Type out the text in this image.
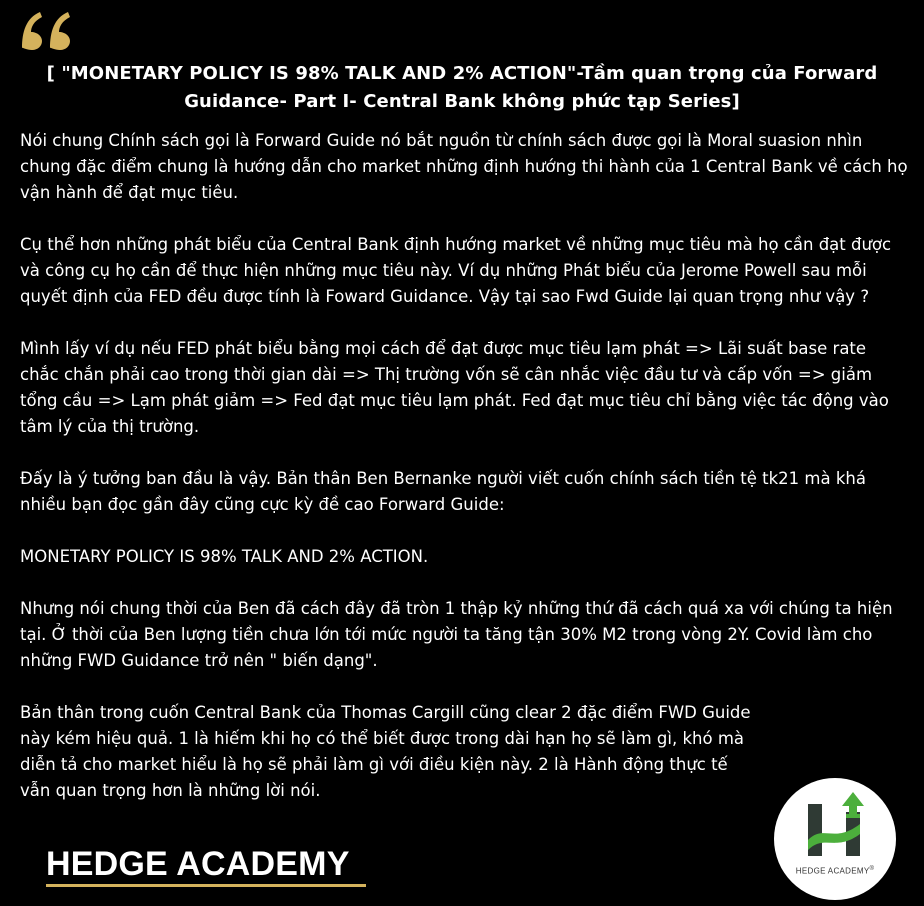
[ "MONETARY POLICY IS 98% TALK AND 2% ACTION"-Tầm quan trọng của Forward Guidance- Part I- Central Bank không phức tạp Series]

Nói chung Chính sách gọi là Forward Guide nó bắt nguồn từ chính sách được gọi là Moral suasion nhìn chung đặc điểm chung là hướng dẫn cho market những định hướng thi hành của 1 Central Bank về cách họ vận hành để đạt mục tiêu.

Cụ thể hơn những phát biểu của Central Bank định hướng market về những mục tiêu mà họ cần đạt được và công cụ họ cần để thực hiện những mục tiêu này. Ví dụ những Phát biểu của Jerome Powell sau mỗi quyết định của FED đều được tính là Foward Guidance. Vậy tại sao Fwd Guide lại quan trọng như vậy ?

Mình lấy ví dụ nếu FED phát biểu bằng mọi cách để đạt được mục tiêu lạm phát => Lãi suất base rate chắc chắn phải cao trong thời gian dài => Thị trường vốn sẽ cân nhắc việc đầu tư và cấp vốn => giảm tổng cầu => Lạm phát giảm => Fed đạt mục tiêu lạm phát. Fed đạt mục tiêu chỉ bằng việc tác động vào tâm lý của thị trường.

Đấy là ý tưởng ban đầu là vậy. Bản thân Ben Bernanke người viết cuốn chính sách tiền tệ tk21 mà khá nhiều bạn đọc gần đây cũng cực kỳ đề cao Forward Guide:

MONETARY POLICY IS 98% TALK AND 2% ACTION.

Nhưng nói chung thời của Ben đã cách đây đã tròn 1 thập kỷ những thứ đã cách quá xa với chúng ta hiện tại. Ở thời của Ben lượng tiền chưa lớn tới mức người ta tăng tận 30% M2 trong vòng 2Y. Covid làm cho những FWD Guidance trở nên " biến dạng".

Bản thân trong cuốn Central Bank của Thomas Cargill cũng clear 2 đặc điểm FWD Guide này kém hiệu quả. 1 là hiếm khi họ có thể biết được trong dài hạn họ sẽ làm gì, khó mà diễn tả cho market hiểu là họ sẽ phải làm gì với điều kiện này. 2 là Hành động thực tế vẫn quan trọng hơn là những lời nói.

HEDGE ACADEMY	HEDGE ACADEMY®
